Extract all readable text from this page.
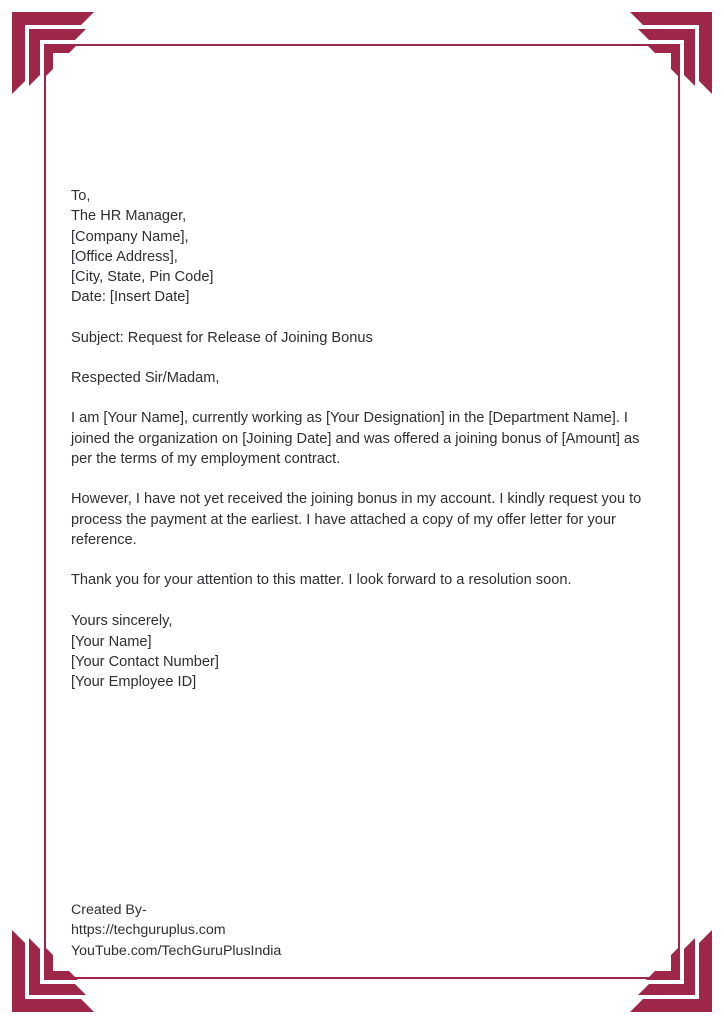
To,
The HR Manager,
[Company Name],
[Office Address],
[City, State, Pin Code]
Date: [Insert Date]

Subject: Request for Release of Joining Bonus

Respected Sir/Madam,

I am [Your Name], currently working as [Your Designation] in the [Department Name]. I joined the organization on [Joining Date] and was offered a joining bonus of [Amount] as per the terms of my employment contract.

However, I have not yet received the joining bonus in my account. I kindly request you to process the payment at the earliest. I have attached a copy of my offer letter for your reference.

Thank you for your attention to this matter. I look forward to a resolution soon.

Yours sincerely,
[Your Name]
[Your Contact Number]
[Your Employee ID]
Created By-
https://techguruplus.com
YouTube.com/TechGuruPlusIndia
